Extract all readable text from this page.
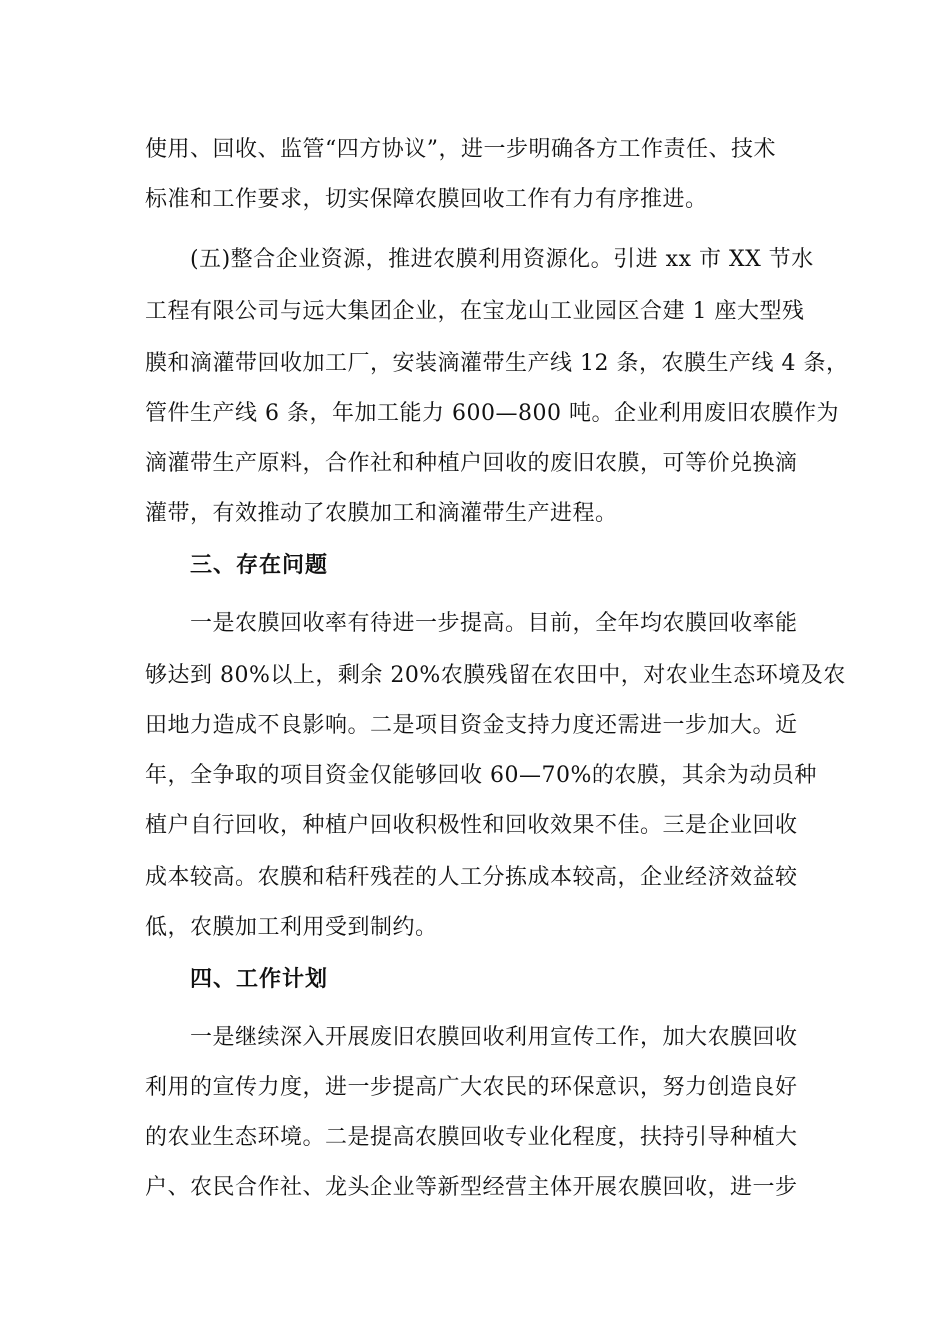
使用、回收、监管“四方协议”，进一步明确各方工作责任、技术
标准和工作要求，切实保障农膜回收工作有力有序推进。
(五)整合企业资源，推进农膜利用资源化。引进 xx 市 XX 节水
工程有限公司与远大集团企业，在宝龙山工业园区合建 1 座大型残
膜和滴灌带回收加工厂，安装滴灌带生产线 12 条，农膜生产线 4 条，
管件生产线 6 条，年加工能力 600—800 吨。企业利用废旧农膜作为
滴灌带生产原料，合作社和种植户回收的废旧农膜，可等价兑换滴
灌带，有效推动了农膜加工和滴灌带生产进程。
三、存在问题
一是农膜回收率有待进一步提高。目前，全年均农膜回收率能
够达到 80%以上，剩余 20%农膜残留在农田中，对农业生态环境及农
田地力造成不良影响。二是项目资金支持力度还需进一步加大。近
年，全争取的项目资金仅能够回收 60—70%的农膜，其余为动员种
植户自行回收，种植户回收积极性和回收效果不佳。三是企业回收
成本较高。农膜和秸秆残茬的人工分拣成本较高，企业经济效益较
低，农膜加工利用受到制约。
四、工作计划
一是继续深入开展废旧农膜回收利用宣传工作，加大农膜回收
利用的宣传力度，进一步提高广大农民的环保意识，努力创造良好
的农业生态环境。二是提高农膜回收专业化程度，扶持引导种植大
户、农民合作社、龙头企业等新型经营主体开展农膜回收，进一步
